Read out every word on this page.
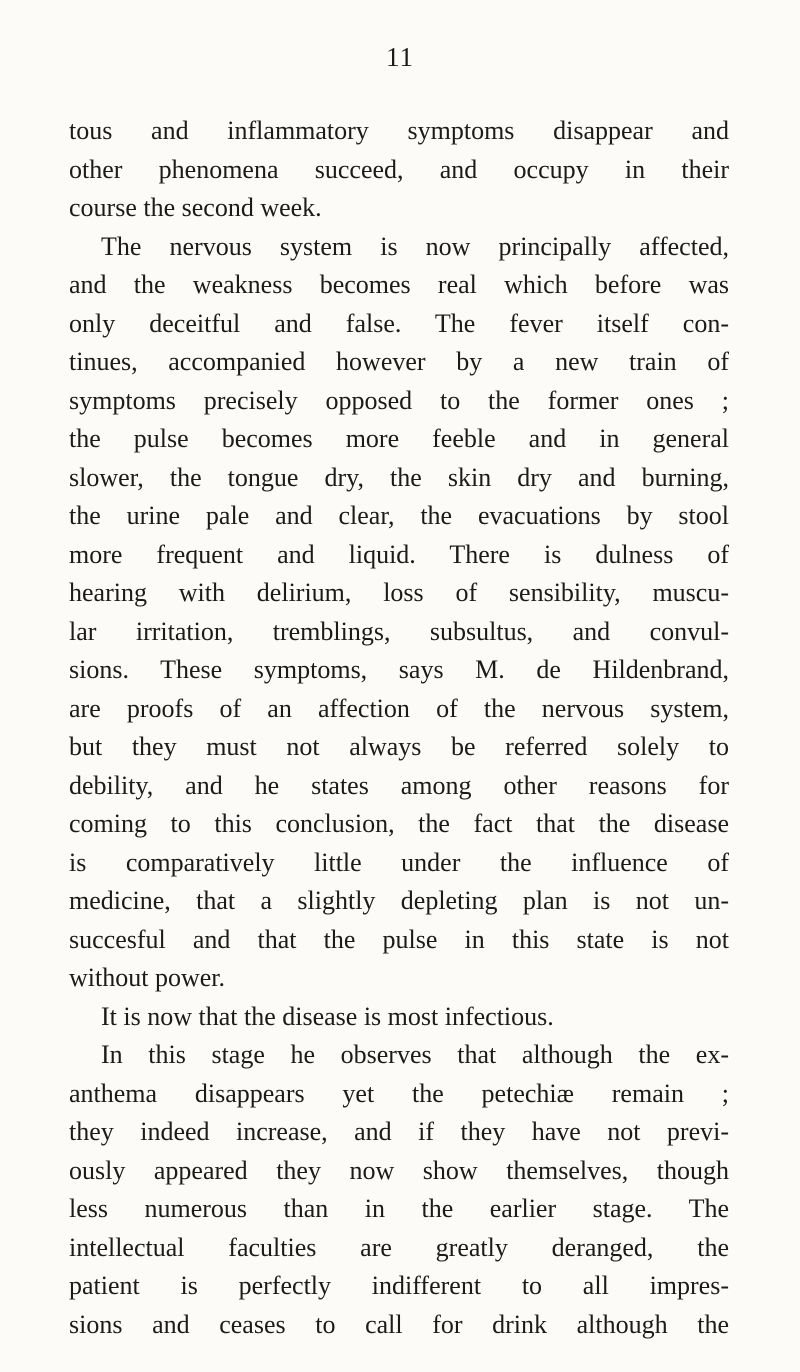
11
tous and inflammatory symptoms disappear and
other phenomena succeed, and occupy in their
course the second week.
The nervous system is now principally affected,
and the weakness becomes real which before was
only deceitful and false. The fever itself con-
tinues, accompanied however by a new train of
symptoms precisely opposed to the former ones ;
the pulse becomes more feeble and in general
slower, the tongue dry, the skin dry and burning,
the urine pale and clear, the evacuations by stool
more frequent and liquid. There is dulness of
hearing with delirium, loss of sensibility, muscu-
lar irritation, tremblings, subsultus, and convul-
sions. These symptoms, says M. de Hildenbrand,
are proofs of an affection of the nervous system,
but they must not always be referred solely to
debility, and he states among other reasons for
coming to this conclusion, the fact that the disease
is comparatively little under the influence of
medicine, that a slightly depleting plan is not un-
succesful and that the pulse in this state is not
without power.
It is now that the disease is most infectious.
In this stage he observes that although the ex-
anthema disappears yet the petechiæ remain ;
they indeed increase, and if they have not previ-
ously appeared they now show themselves, though
less numerous than in the earlier stage. The
intellectual faculties are greatly deranged, the
patient is perfectly indifferent to all impres-
sions and ceases to call for drink although the
